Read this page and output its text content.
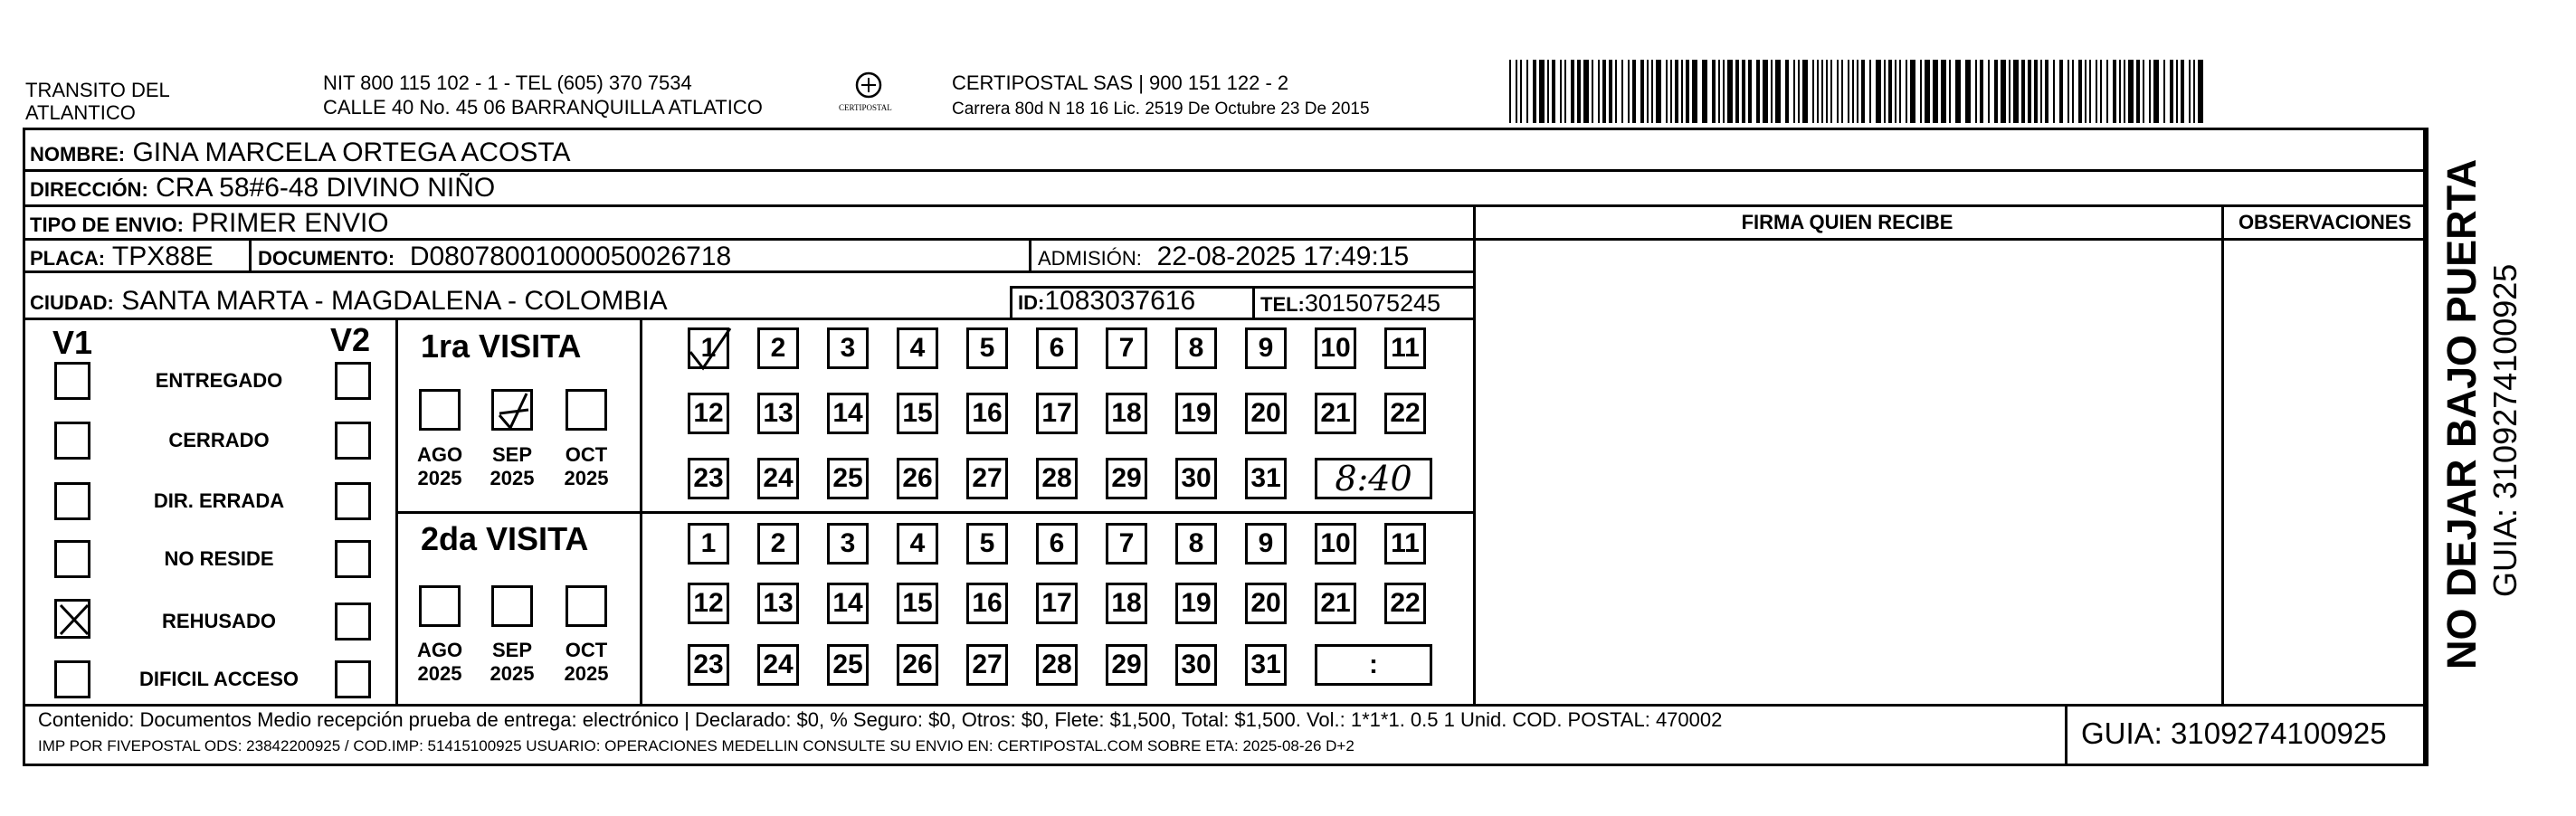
TRANSITO DEL
ATLANTICO
NIT 800 115 102 - 1 - TEL (605) 370 7534
CALLE 40 No. 45 06 BARRANQUILLA ATLATICO	CERTIPOSTAL
CERTIPOSTAL SAS | 900 151 122 - 2
Carrera 80d N 18 16 Lic. 2519 De Octubre 23 De 2015
NOMBRE: GINA MARCELA ORTEGA ACOSTA
DIRECCIÓN: CRA 58#6-48 DIVINO NIÑO
TIPO DE ENVIO: PRIMER ENVIO
PLACA: TPX88E DOCUMENTO: D08078001000050026718	ADMISIÓN: 22-08-2025 17:49:15
CIUDAD: SANTA MARTA - MAGDALENA - COLOMBIA	ID:1083037616	TEL:3015075245
FIRMA QUIEN RECIBE	OBSERVACIONES
V1	V2
ENTREGADO
CERRADO
DIR. ERRADA
NO RESIDE
REHUSADO
DIFICIL ACCESO
1ra VISITA
2da VISITA
AGO
2025
SEP
2025
OCT
2025
AGO
2025
SEP
2025
OCT
2025
1	2	3	4	5	6	7	8	9	10 11
12 13 14 15 16 17 18 19 20 21 22
23 24 25 26 27 28 29 30 31	8:40
1	2	3	4	5	6	7	8	9	10 11
12 13 14 15 16 17 18 19 20 21 22
23 24 25 26 27 28 29 30 31	:
Contenido: Documentos Medio recepción prueba de entrega: electrónico | Declarado: $0, % Seguro: $0, Otros: $0, Flete: $1,500, Total: $1,500. Vol.: 1*1*1. 0.5 1 Unid. COD. POSTAL: 470002
IMP POR FIVEPOSTAL ODS: 23842200925 / COD.IMP: 51415100925 USUARIO: OPERACIONES MEDELLIN CONSULTE SU ENVIO EN: CERTIPOSTAL.COM SOBRE ETA: 2025-08-26 D+2	GUIA: 3109274100925
NO DEJAR BAJO PUERTA GUIA: 3109274100925
